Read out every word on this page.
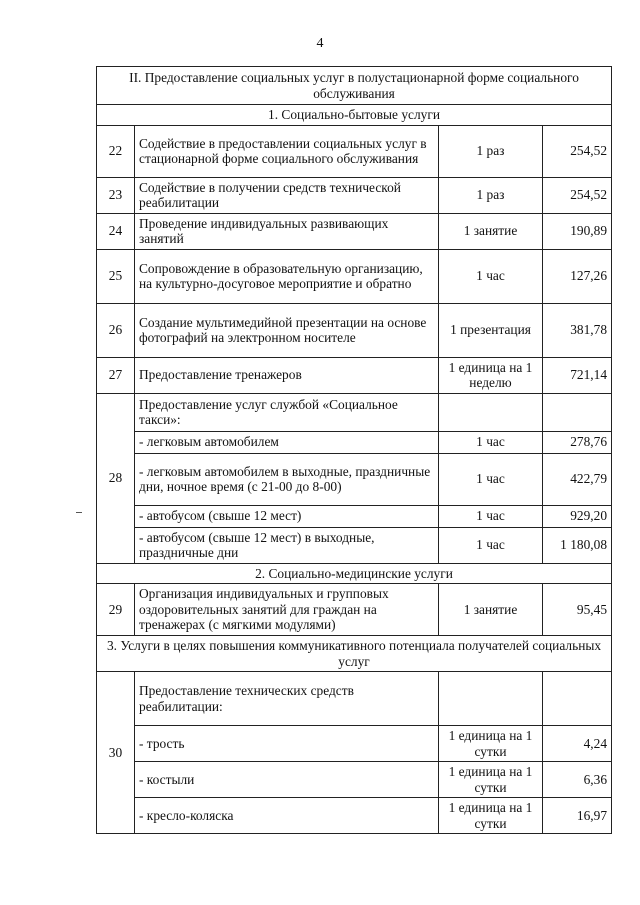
4
II. Предоставление социальных услуг в полустационарной форме социального обслуживания			
1. Социально-бытовые услуги			
22	Содействие в предоставлении социальных услуг в стационарной форме социального обслуживания	1 раз	254,52
23	Содействие в получении средств технической реабилитации	1 раз	254,52
24	Проведение индивидуальных развивающих занятий	1 занятие	190,89
25	Сопровождение в образовательную организацию, на культурно-досуговое мероприятие и обратно	1 час	127,26
26	Создание мультимедийной презентации на основе фотографий на электронном носителе	1 презентация	381,78
27	Предоставление тренажеров	1 единица на 1 неделю	721,14
28	Предоставление услуг службой «Социальное такси»:		
	- легковым автомобилем	1 час	278,76
	- легковым автомобилем в выходные, праздничные дни, ночное время (с 21-00 до 8-00)	1 час	422,79
	- автобусом (свыше 12 мест)	1 час	929,20
	- автобусом (свыше 12 мест) в выходные, праздничные дни	1 час	1 180,08
2. Социально-медицинские услуги			
29	Организация индивидуальных и групповых оздоровительных занятий для граждан на тренажерах (с мягкими модулями)	1 занятие	95,45
3. Услуги в целях повышения коммуникативного потенциала получателей социальных услуг			
30	Предоставление технических средств реабилитации:		
	- трость	1 единица на 1 сутки	4,24
	- костыли	1 единица на 1 сутки	6,36
	- кресло-коляска	1 единица на 1 сутки	16,97
